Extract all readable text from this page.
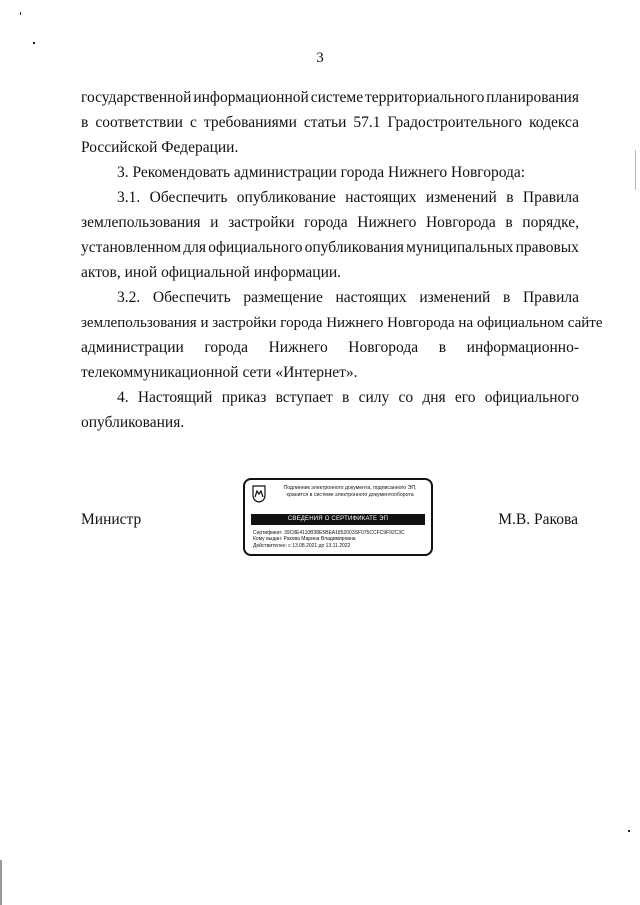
3
государственной информационной системе территориального планирования
в соответствии с требованиями статьи 57.1 Градостроительного кодекса
Российской Федерации.
3. Рекомендовать администрации города Нижнего Новгорода:
3.1. Обеспечить опубликование настоящих изменений в Правила
землепользования и застройки города Нижнего Новгорода в порядке,
установленном для официального опубликования муниципальных правовых
актов, иной официальной информации.
3.2. Обеспечить размещение настоящих изменений в Правила
землепользования и застройки города Нижнего Новгорода на официальном сайте
администрации города Нижнего Новгорода в информационно-
телекоммуникационной сети «Интернет».
4. Настоящий приказ вступает в силу со дня его официального
опубликования.
Министр	М.В. Ракова
Подлинник электронного документа, подписанного ЭП,
хранится в системе электронного документооборота
СВЕДЕНИЯ О СЕРТИФИКАТЕ ЭП
Сертификат: 39C8E4110B38E5BEA1852003SF075CCFC9F92C3C
Кому выдан: Ракова Марина Владимировна
Действителен: с 13.08.2021 до 13.11.2022
